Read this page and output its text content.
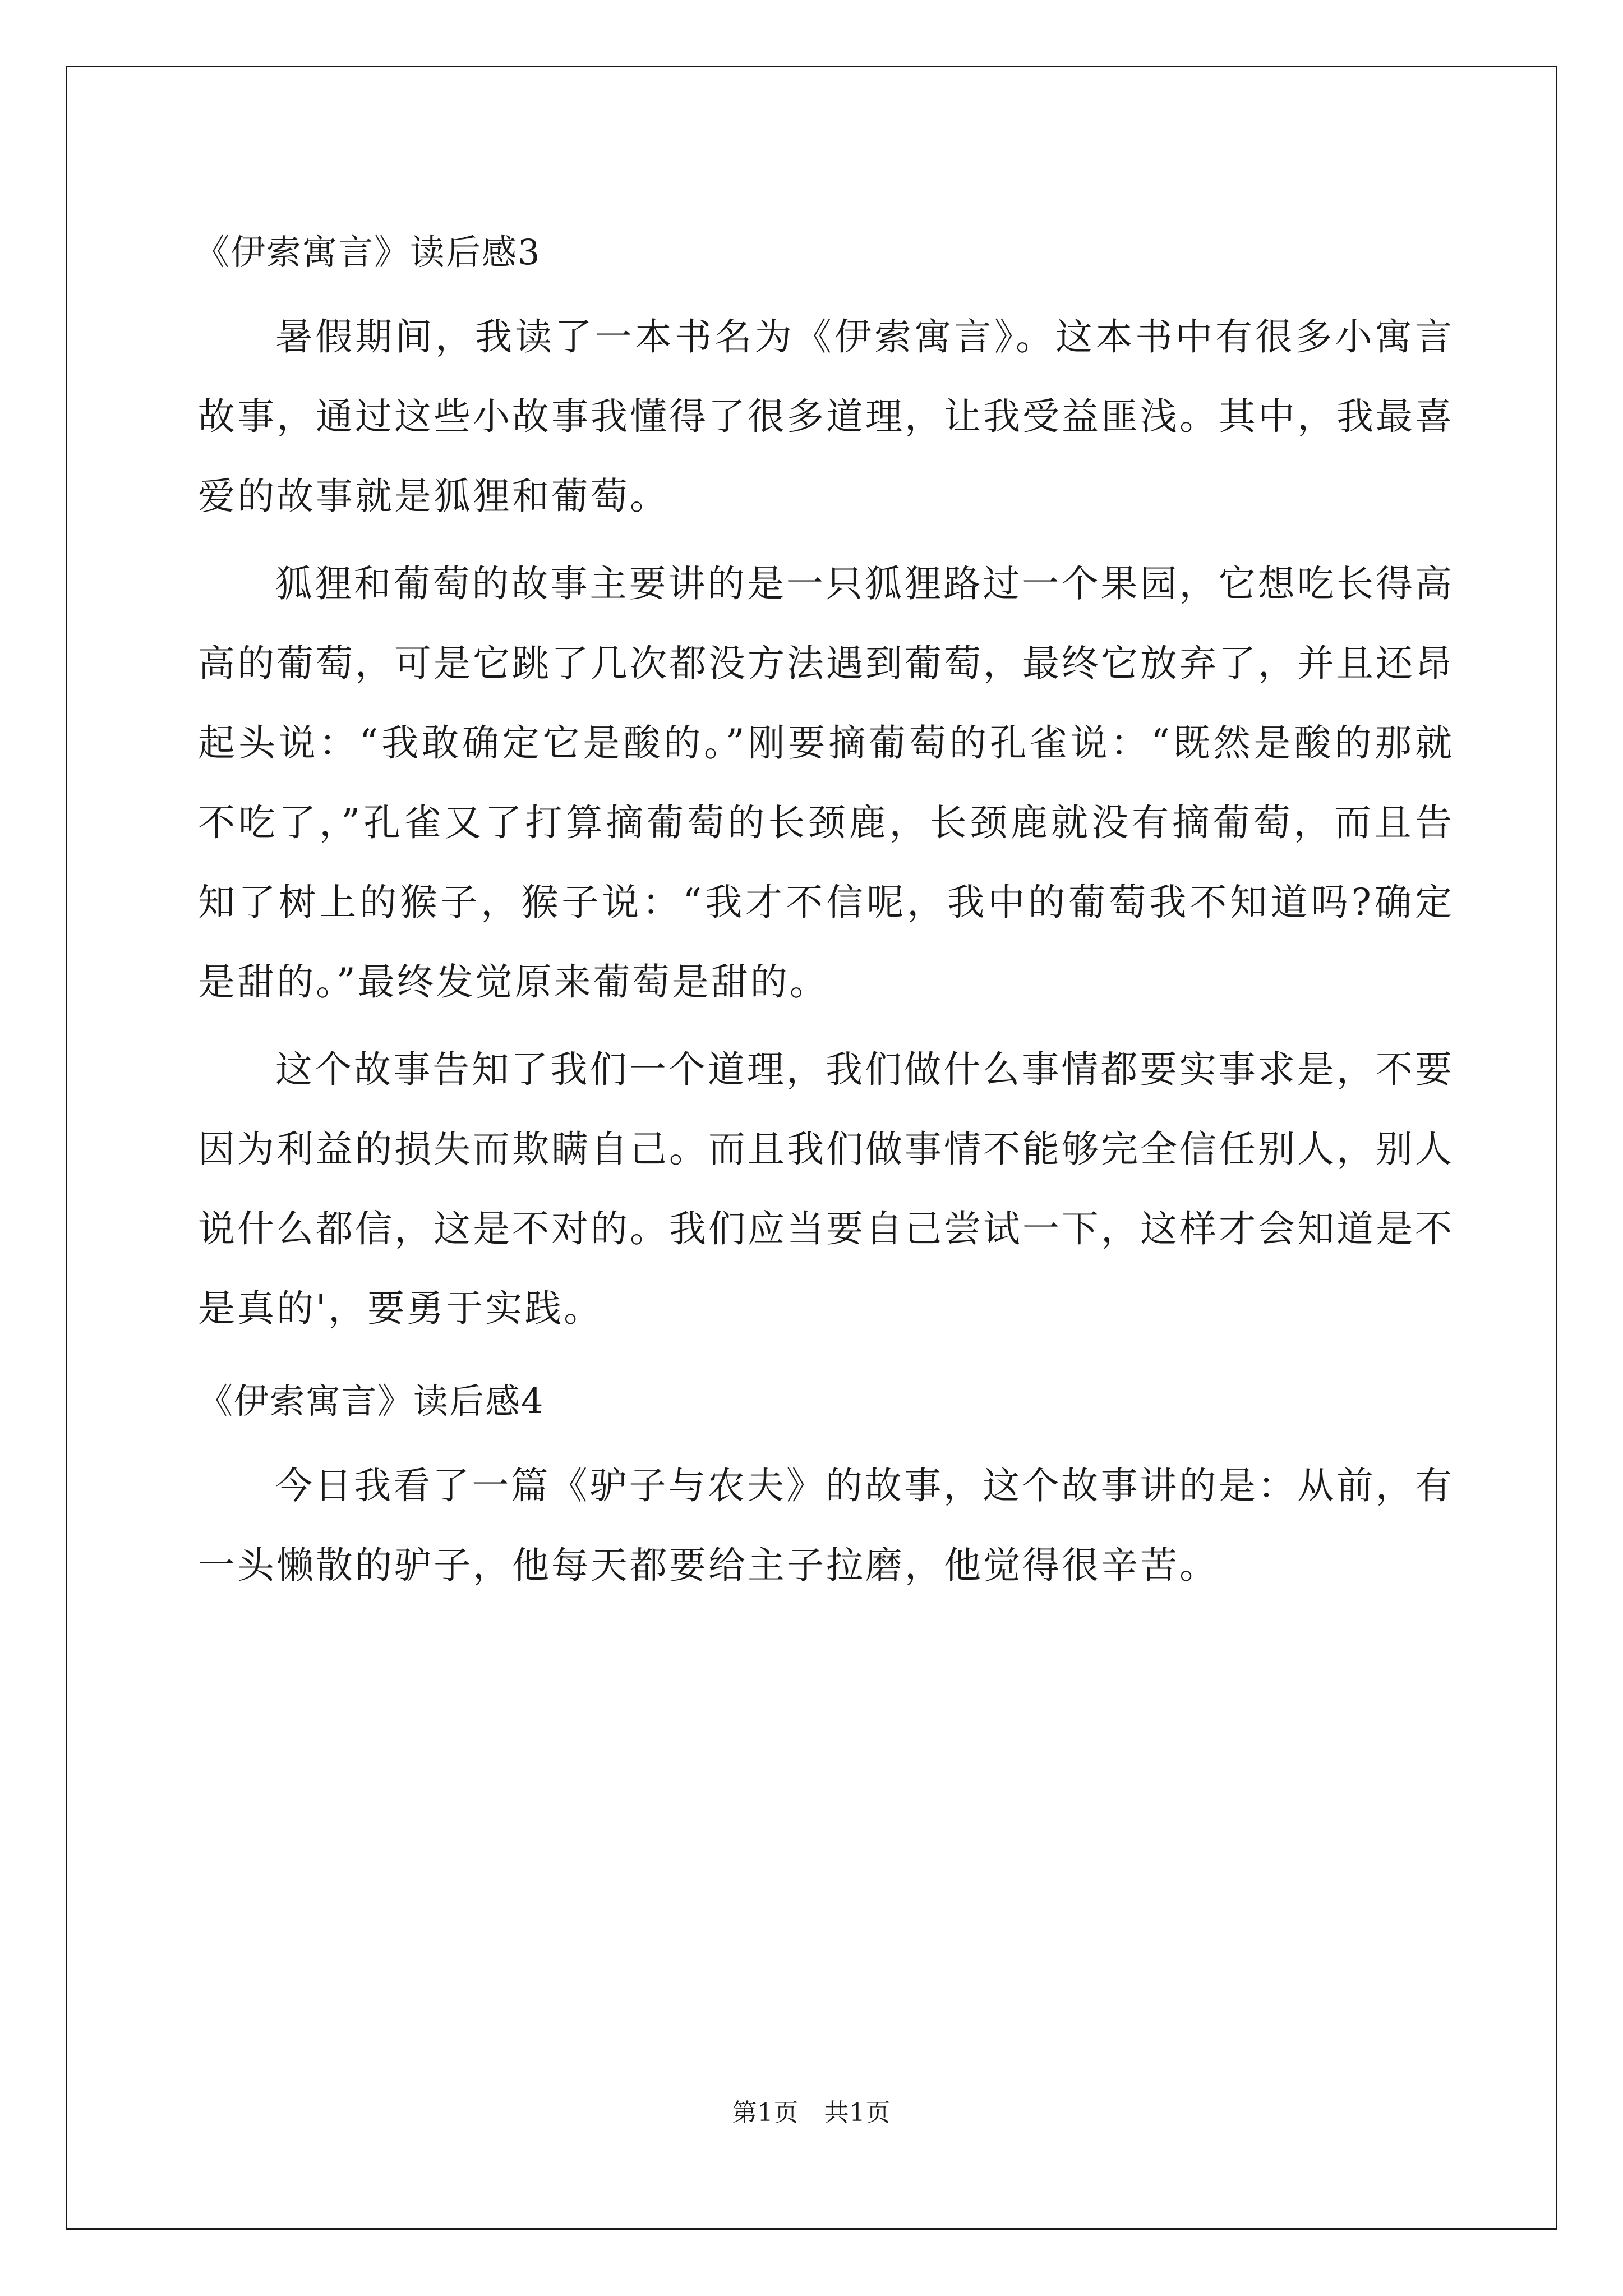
《伊索寓言》读后感3

暑假期间，我读了一本书名为《伊索寓言》。这本书中有很多小寓言故事，通过这些小故事我懂得了很多道理，让我受益匪浅。其中，我最喜爱的故事就是狐狸和葡萄。

狐狸和葡萄的故事主要讲的是一只狐狸路过一个果园，它想吃长得高高的葡萄，可是它跳了几次都没方法遇到葡萄，最终它放弃了，并且还昂起头说：“我敢确定它是酸的。”刚要摘葡萄的孔雀说：“既然是酸的那就不吃了，”孔雀又了打算摘葡萄的长颈鹿，长颈鹿就没有摘葡萄，而且告知了树上的猴子，猴子说：“我才不信呢，我中的葡萄我不知道吗?确定是甜的。”最终发觉原来葡萄是甜的。

这个故事告知了我们一个道理，我们做什么事情都要实事求是，不要因为利益的损失而欺瞒自己。而且我们做事情不能够完全信任别人，别人说什么都信，这是不对的。我们应当要自己尝试一下，这样才会知道是不是真的'，要勇于实践。

《伊索寓言》读后感4

今日我看了一篇《驴子与农夫》的故事，这个故事讲的是：从前，有一头懒散的驴子，他每天都要给主子拉磨，他觉得很辛苦。

第1页　共1页
